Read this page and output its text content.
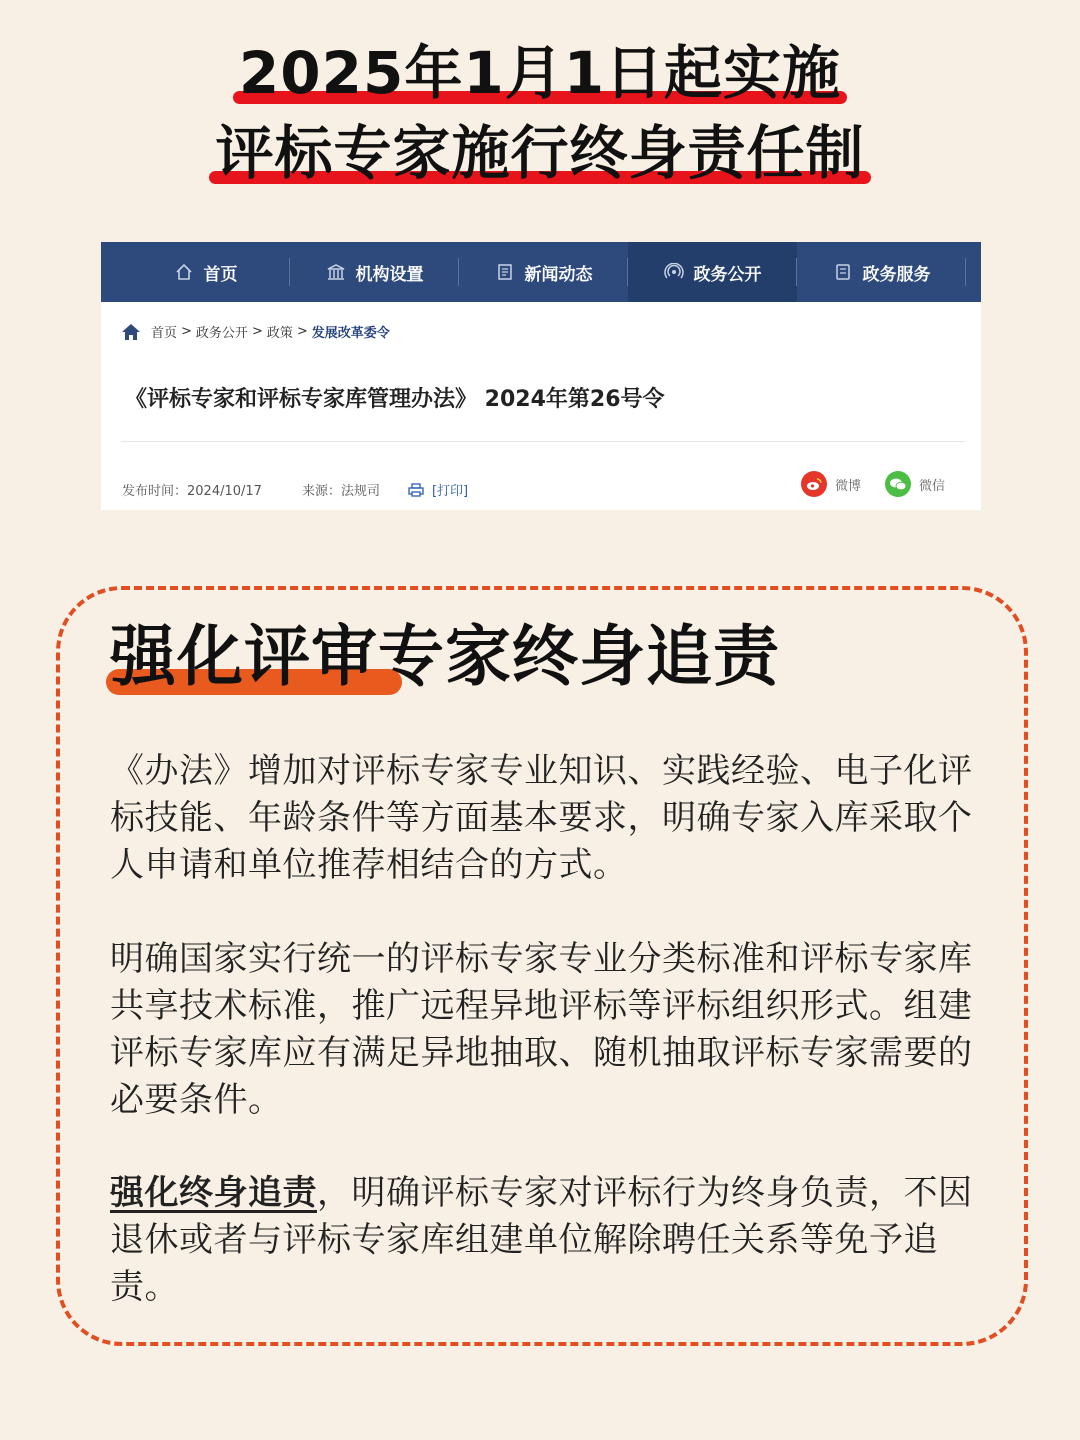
2025年1月1日起实施

评标专家施行终身责任制
首页	机构设置	新闻动态	政务公开	政务服务
首页 > 政务公开 > 政策 > 发展改革委令
《评标专家和评标专家库管理办法》 2024年第26号令
发布时间：2024/10/17	来源：法规司	[打印]	微博	微信
强化评审专家终身追责
《办法》增加对评标专家专业知识、实践经验、电子化评标技能、年龄条件等方面基本要求，明确专家入库采取个人申请和单位推荐相结合的方式。
明确国家实行统一的评标专家专业分类标准和评标专家库共享技术标准，推广远程异地评标等评标组织形式。组建评标专家库应有满足异地抽取、随机抽取评标专家需要的必要条件。
强化终身追责，明确评标专家对评标行为终身负责，不因退休或者与评标专家库组建单位解除聘任关系等免予追责。
